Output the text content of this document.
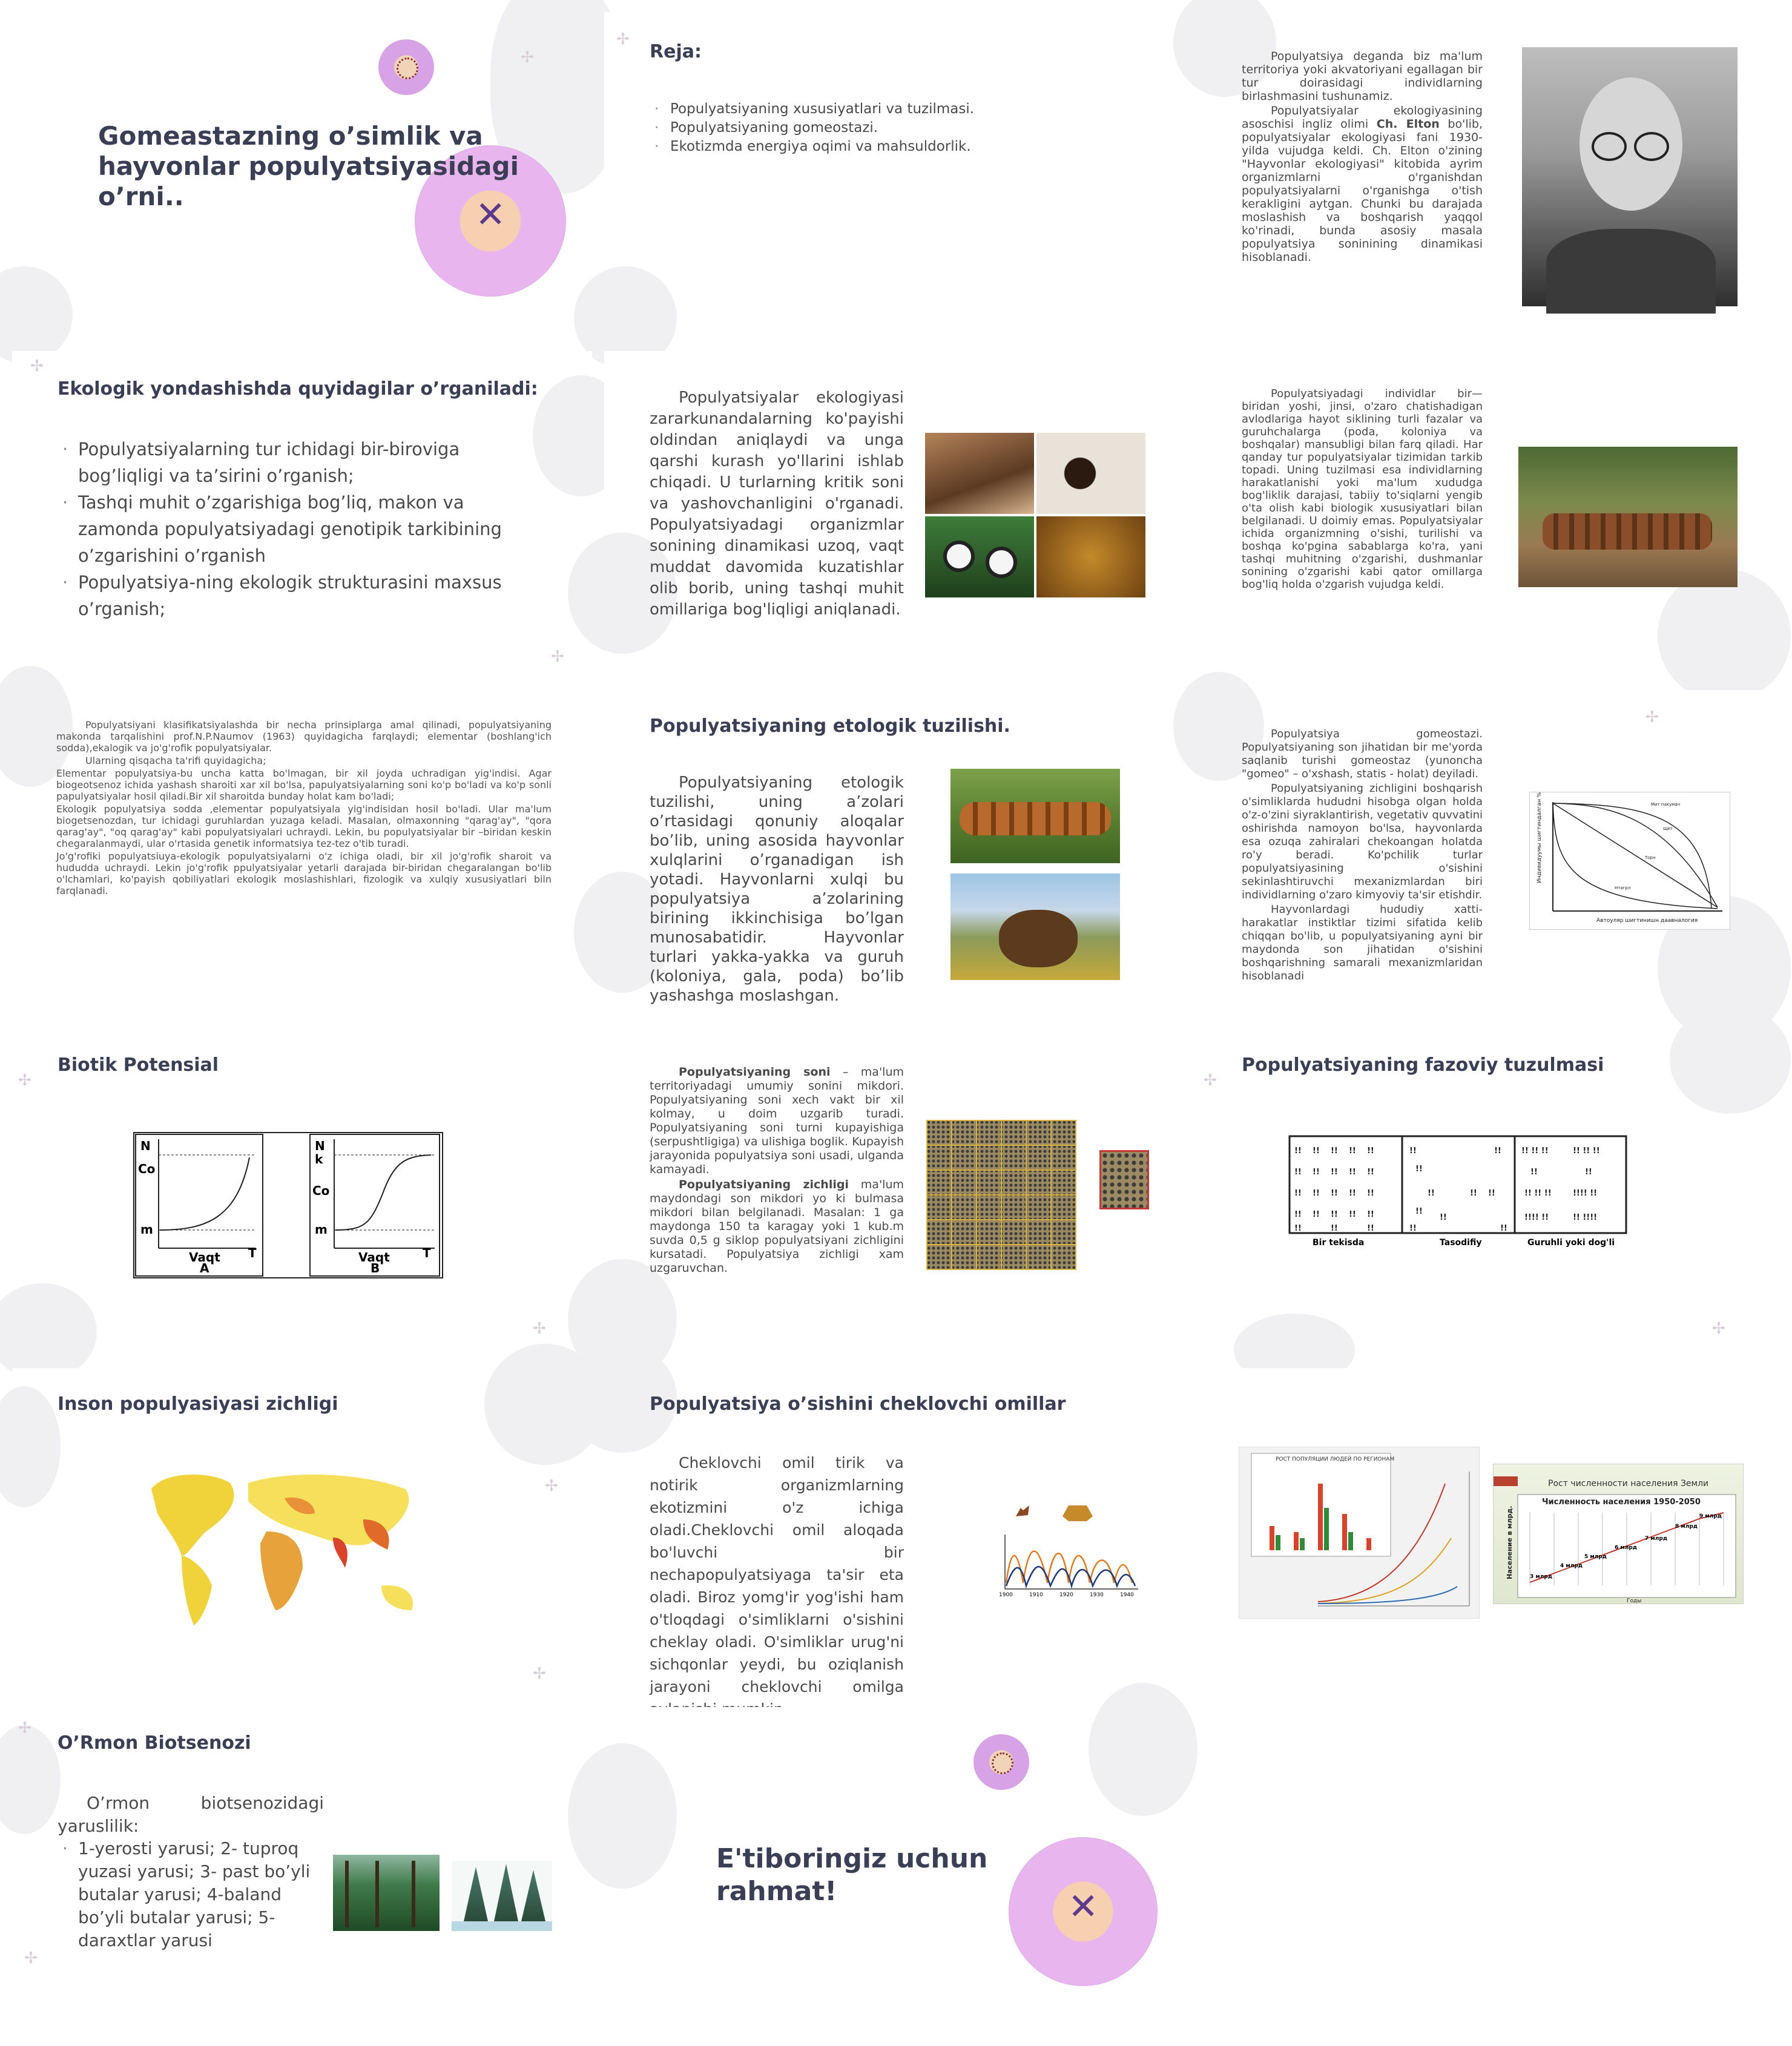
✕
✢
Gomeastazning o’simlik va hayvonlar populyatsiyasidagi o’rni..
✢
Reja:
· Populyatsiyaning xususiyatlari va tuzilmasi.
· Populyatsiyaning gomeostazi.
· Ekotizmda energiya oqimi va mahsuldorlik.

Populyatsiya deganda biz ma'lum territoriya yoki akvatoriyani egallagan bir tur doirasidagi individlarning birlashmasini tushunamiz.

Populyatsiyalar ekologiyasining asoschisi ingliz olimi Ch. Elton bo'lib, populyatsiyalar ekologiyasi fani 1930-yilda vujudga keldi. Ch. Elton o'zining "Hayvonlar ekologiyasi" kitobida ayrim organizmlarni o'rganishdan populyatsiyalarni o'rganishga o'tish kerakligini aytgan. Chunki bu darajada moslashish va boshqarish yaqqol ko'rinadi, bunda asosiy masala populyatsiya soninining dinamikasi hisoblanadi.

✢
✢
Ekologik yondashishda quyidagilar o’rganiladi:
· Populyatsiyalarning tur ichidagi bir-biroviga bog’liqligi va ta’sirini o’rganish;
· Tashqi muhit o’zgarishiga bog’liq, makon va zamonda populyatsiyadagi genotipik tarkibining o’zgarishini o’rganish
· Populyatsiya-ning ekologik strukturasini maxsus o’rganish;

Populyatsiyalar ekologiyasi zararkunandalarning ko'payishi oldindan aniqlaydi va unga qarshi kurash yo'llarini ishlab chiqadi. U turlarning kritik soni va yashovchanligini o'rganadi. Populyatsiyadagi organizmlar sonining dinamikasi uzoq, vaqt muddat davomida kuzatishlar olib borib, uning tashqi muhit omillariga bog'liqligi aniqlanadi.

Populyatsiyadagi individlar bir—biridan yoshi, jinsi, o'zaro chatishadigan avlodlariga hayot siklining turli fazalar va guruhchalarga (poda, koloniya va boshqalar) mansubligi bilan farq qiladi. Har qanday tur populyatsiyalar tizimidan tarkib topadi. Uning tuzilmasi esa individlarning harakatlanishi yoki ma'lum xududga bog'liklik darajasi, tabiiy to'siqlarni yengib o'ta olish kabi biologik xususiyatlari bilan belgilanadi. U doimiy emas. Populyatsiyalar ichida organizmning o'sishi, turilishi va boshqa ko'pgina sabablarga ko'ra, yani tashqi muhitning o'zgarishi, dushmanlar sonining o'zgarishi kabi qator omillarga bog'liq holda o'zgarish vujudga keldi.

Populyatsiyani klasifikatsiyalashda bir necha prinsiplarga amal qilinadi, populyatsiyaning makonda tarqalishini prof.N.P.Naumov (1963) quyidagicha farqlaydi; elementar (boshlang'ich sodda),ekalogik va jo'g'rofik populyatsiyalar.

Ularning qisqacha ta'rifi quyidagicha;

Elementar populyatsiya-bu uncha katta bo'lmagan, bir xil joyda uchradigan yig'indisi. Agar biogeotsenoz ichida yashash sharoiti xar xil bo'lsa, papulyatsiyalarning soni ko'p bo'ladi va ko'p sonli papulyatsiyalar hosil qiladi.Bir xil sharoitda bunday holat kam bo'ladi;

Ekologik populyatsiya sodda ,elementar populyatsiyala yig'indisidan hosil bo'ladi. Ular ma'lum biogetsenozdan, tur ichidagi guruhlardan yuzaga keladi. Masalan, olmaxonning "qarag'ay", "qora qarag'ay", "oq qarag'ay" kabi populyatsiyalari uchraydi. Lekin, bu populyatsiyalar bir –biridan keskin chegaralanmaydi, ular o'rtasida genetik informatsiya tez-tez o'tib turadi.

Jo'g'rofiki populyatsiuya-ekologik populyatsiyalarni o'z ichiga oladi, bir xil jo'g'rofik sharoit va hududda uchraydi. Lekin jo'g'rofik ppulyatsiyalar yetarli darajada bir-biridan chegaralangan bo'lib o'lchamlari, ko'payish qobiliyatlari ekologik moslashishlari, fizologik va xulqiy xususiyatlari biln farqlanadi.

Populyatsiyaning etologik tuzilishi.

Populyatsiyaning etologik tuzilishi, uning a’zolari o’rtasidagi qonuniy aloqalar bo’lib, uning asosida hayvonlar xulqlarini o’rganadigan ish yotadi. Hayvonlarni xulqi bu populyatsiya a’zolarining birining ikkinchisiga bo’lgan munosabatidir. Hayvonlar turlari yakka-yakka va guruh (koloniya, gala, poda) bo’lib yashashga moslashgan.

✢

Populyatsiya gomeostazi. Populyatsiyaning son jihatidan bir me'yorda saqlanib turishi gomeostaz (yunoncha "gomeo" – o'xshash, statis - holat) deyiladi.

Populyatsiyaning zichligini boshqarish o'simliklarda hududni hisobga olgan holda o'z-o'zini siyraklantirish, vegetativ quvvatini oshirishda namoyon bo'lsa, hayvonlarda esa ozuqa zahiralari chekoangan holatda ro'y beradi. Ko'pchilik turlar populyatsiyasining o'sishini sekinlashtiruvchi mexanizmlardan biri individlarning o'zaro kimyoviy ta'sir etishdir.

Hayvonlardagi hududiy xatti-harakatlar instiktlar tizimi sifatida kelib chiqqan bo'lib, u populyatsiyaning ayni bir maydonda son jihatidan o'sishini boshqarishning samarali mexanizmlaridan hisoblanadi

Индивидуумы шигтиндалган %
Автоуляр шигтинишн даавналогия
Мит пакуман
Щет
Торн
Нтагрл
✢
✢
Biotik Potensial
N
Co
m
Vaqt T
A
N
k
Co
m
Vaqt	T
B

Populyatsiyaning soni – ma'lum territoriyadagi umumiy sonini mikdori. Populyatsiyaning soni xech vakt bir xil kolmay, u doim uzgarib turadi. Populyatsiyaning soni turni kupayishiga (serpushtligiga) va ulishiga boglik. Kupayish jarayonida populyatsiya soni usadi, ulganda kamayadi.

Populyatsiyaning zichligi ma'lum maydondagi son mikdori yo ki bulmasa mikdori bilan belgilanadi. Masalan: 1 ga maydonga 150 ta karagay yoki 1 kub.m suvda 0,5 g siklop populyatsiyani zichligini kursatadi. Populyatsiya zichligi xam uzgaruvchan.

✢
✢
Populyatsiyaning fazoviy tuzulmasi
!! !! !! !! !!
!! !! !! !! !!
!! !! !! !! !!
!! !! !! !! !!
!!	!!	!!
!!	!!
!!
!! !!
!!
!!
!!	!!
!!
!! !! !!	!! !! !!
!! !! !!	!!!! !!
!!!! !!	!! !!!!
!!	!!
Bir tekisda	Tasodifiy	Guruhli yoki dog'li
✢
✢
Inson populyasiyasi zichligi	Populyatsiya o’sishini cheklovchi omillar

Cheklovchi omil tirik va notirik organizmlarning ekotizmini o'z ichiga oladi.Cheklovchi omil aloqada bo'luvchi bir nechapopulyatsiyaga ta'sir eta oladi. Biroz yomg'ir yog'ishi ham o'tloqdagi o'simliklarni o'sishini cheklay oladi. O'simliklar urug'ni sichqonlar yeydi, bu oziqlanish jarayoni cheklovchi omilga

1900	1910	1920	1930	1940
РОСТ ПОПУЛЯЦИИ ЛЮДЕЙ ПО РЕГИОНАМ
Рост численности населения Земли
Численность населения 1950-2050
Население в млрд.
Годы
3 млрд
4 млрд
5 млрд
6 млрд
7 млрд
8 млрд
9 млрд
✢
✢
O’Rmon Biotsenozi
O’rmon biotsenozidagi yaruslilik:
· 1-yerosti yarusi; 2- tuproq yuzasi yarusi; 3- past bo’yli butalar yarusi; 4-baland bo’yli butalar yarusi; 5- daraxtlar yarusi
✕
E'tiboringiz uchun rahmat!
